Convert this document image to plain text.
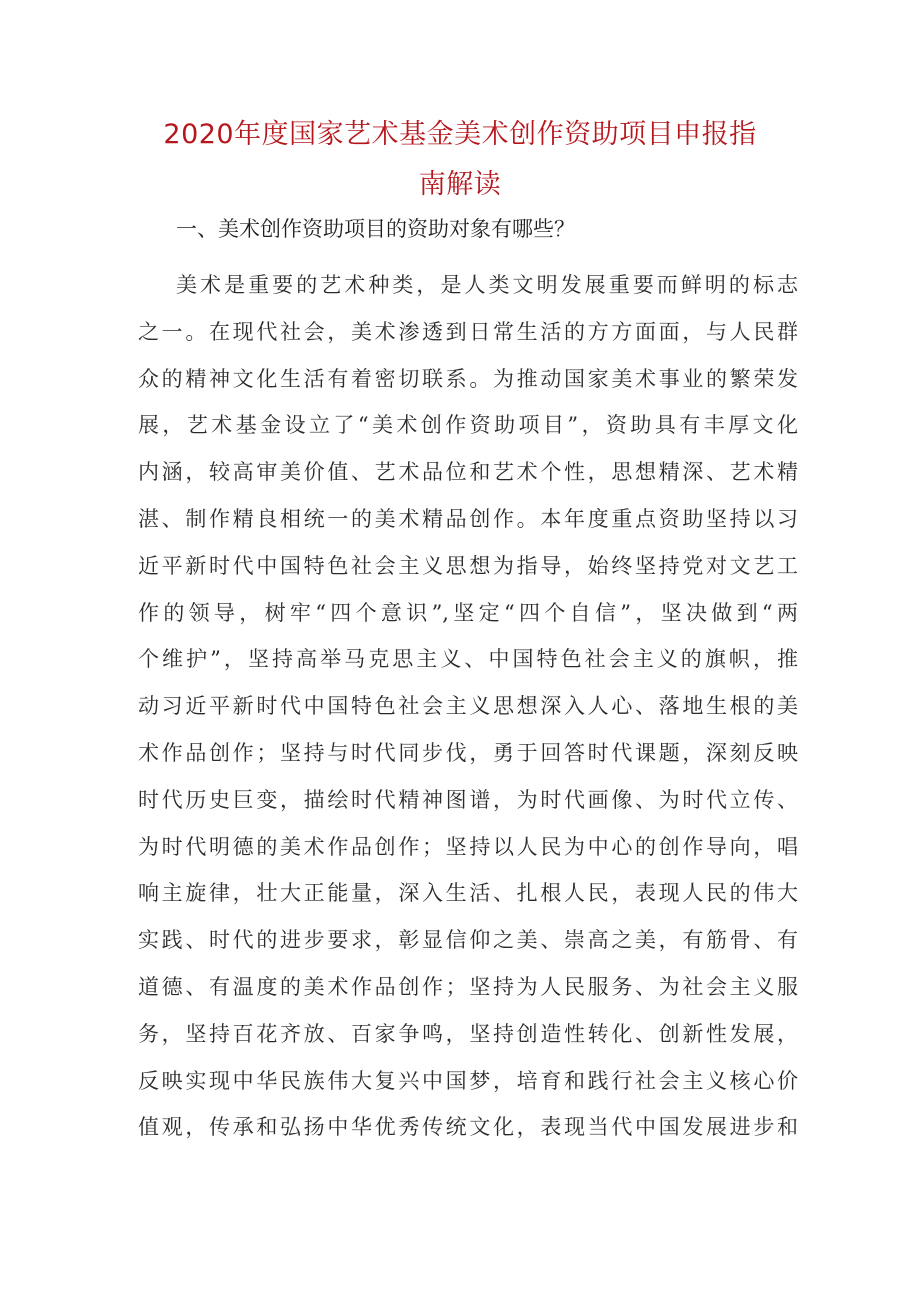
2020年度国家艺术基金美术创作资助项目申报指
南解读
一、美术创作资助项目的资助对象有哪些？
美术是重要的艺术种类，是人类文明发展重要而鲜明的标志
之一。在现代社会，美术渗透到日常生活的方方面面，与人民群
众的精神文化生活有着密切联系。为推动国家美术事业的繁荣发
展，艺术基金设立了“美术创作资助项目”，资助具有丰厚文化
内涵，较高审美价值、艺术品位和艺术个性，思想精深、艺术精
湛、制作精良相统一的美术精品创作。本年度重点资助坚持以习
近平新时代中国特色社会主义思想为指导，始终坚持党对文艺工
作的领导，树牢“四个意识”,坚定“四个自信”，坚决做到“两
个维护”，坚持高举马克思主义、中国特色社会主义的旗帜，推
动习近平新时代中国特色社会主义思想深入人心、落地生根的美
术作品创作；坚持与时代同步伐，勇于回答时代课题，深刻反映
时代历史巨变，描绘时代精神图谱，为时代画像、为时代立传、
为时代明德的美术作品创作；坚持以人民为中心的创作导向，唱
响主旋律，壮大正能量，深入生活、扎根人民，表现人民的伟大
实践、时代的进步要求，彰显信仰之美、崇高之美，有筋骨、有
道德、有温度的美术作品创作；坚持为人民服务、为社会主义服
务，坚持百花齐放、百家争鸣，坚持创造性转化、创新性发展，
反映实现中华民族伟大复兴中国梦，培育和践行社会主义核心价
值观，传承和弘扬中华优秀传统文化，表现当代中国发展进步和
